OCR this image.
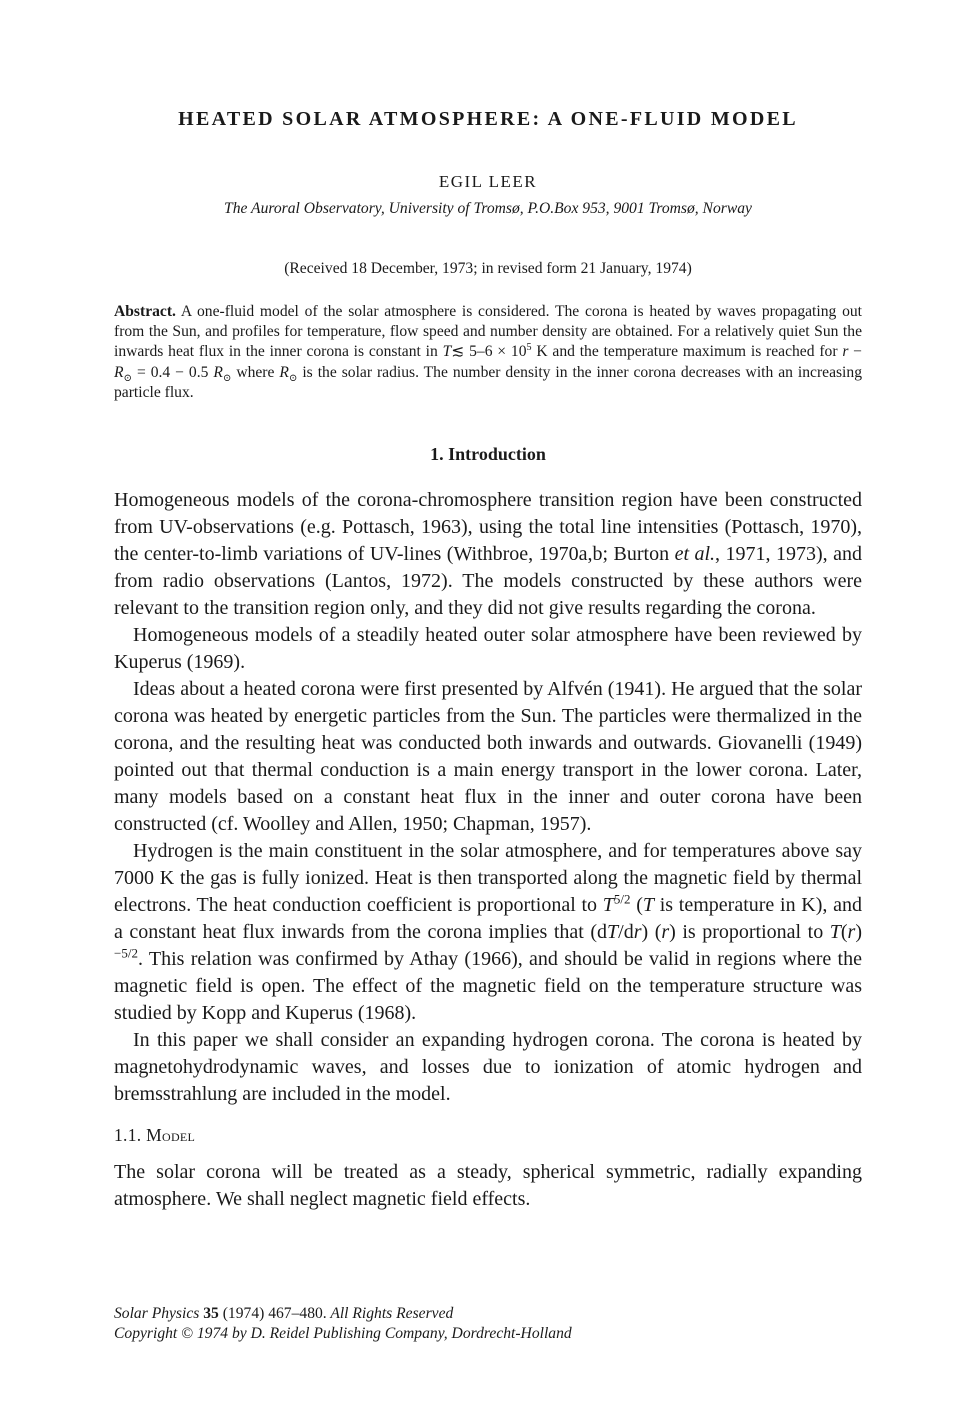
HEATED SOLAR ATMOSPHERE: A ONE-FLUID MODEL
EGIL LEER
The Auroral Observatory, University of Tromsø, P.O.Box 953, 9001 Tromsø, Norway
(Received 18 December, 1973; in revised form 21 January, 1974)
Abstract. A one-fluid model of the solar atmosphere is considered. The corona is heated by waves propagating out from the Sun, and profiles for temperature, flow speed and number density are obtained. For a relatively quiet Sun the inwards heat flux in the inner corona is constant in T≲ $5-6 \times 10^5$ K and the temperature maximum is reached for $r - R_⊙ = 0.4 - 0.5$ $R_⊙$ where $R_⊙$ is the solar radius. The number density in the inner corona decreases with an increasing particle flux.
1. Introduction

Homogeneous models of the corona-chromosphere transition region have been constructed from UV-observations (e.g. Pottasch, 1963), using the total line intensities (Pottasch, 1970), the center-to-limb variations of UV-lines (Withbroe, 1970a,b; Burton et al., 1971, 1973), and from radio observations (Lantos, 1972). The models constructed by these authors were relevant to the transition region only, and they did not give results regarding the corona.

Homogeneous models of a steadily heated outer solar atmosphere have been reviewed by Kuperus (1969).

Ideas about a heated corona were first presented by Alfvén (1941). He argued that the solar corona was heated by energetic particles from the Sun. The particles were thermalized in the corona, and the resulting heat was conducted both inwards and outwards. Giovanelli (1949) pointed out that thermal conduction is a main energy transport in the lower corona. Later, many models based on a constant heat flux in the inner and outer corona have been constructed (cf. Woolley and Allen, 1950; Chapman, 1957).

Hydrogen is the main constituent in the solar atmosphere, and for temperatures above say 7000 K the gas is fully ionized. Heat is then transported along the magnetic field by thermal electrons. The heat conduction coefficient is proportional to $T^{5/2}$ (T is temperature in K), and a constant heat flux inwards from the corona implies that (dT/dr) (r) is proportional to $T(r)^{-5/2}$. This relation was confirmed by Athay (1966), and should be valid in regions where the magnetic field is open. The effect of the magnetic field on the temperature structure was studied by Kopp and Kuperus (1968).

In this paper we shall consider an expanding hydrogen corona. The corona is heated by magnetohydrodynamic waves, and losses due to ionization of atomic hydrogen and bremsstrahlung are included in the model.

1.1. Model

The solar corona will be treated as a steady, spherical symmetric, radially expanding atmosphere. We shall neglect magnetic field effects.

Solar Physics 35 (1974) 467–480. All Rights Reserved
Copyright © 1974 by D. Reidel Publishing Company, Dordrecht-Holland
